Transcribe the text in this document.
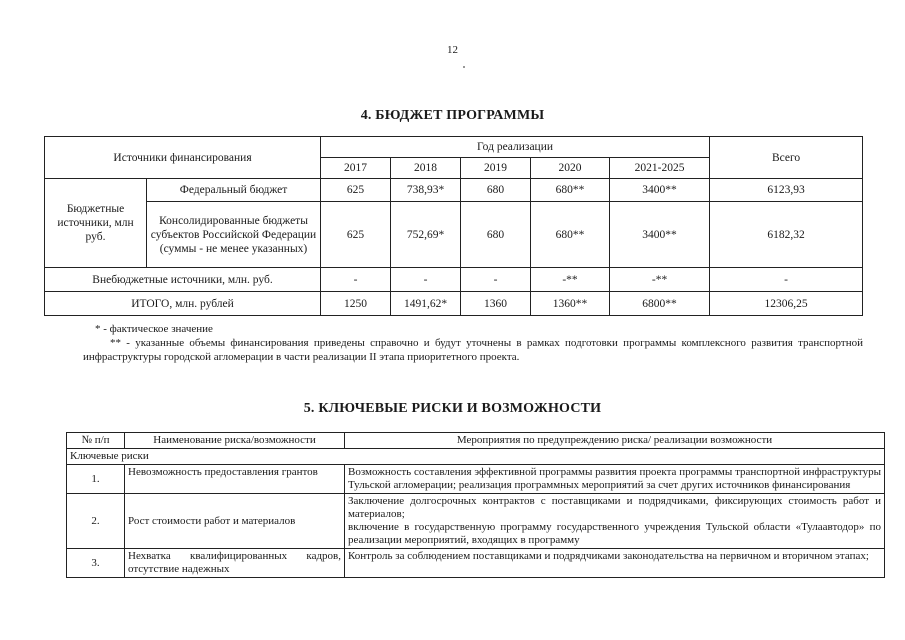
12
4. БЮДЖЕТ ПРОГРАММЫ
Источники финансирования		Год реализации					Всего
		2017	2018	2019	2020	2021-2025	
Бюджетные источники, млн руб.	Федеральный бюджет	625	738,93*	680	680**	3400**	6123,93
	Консолидированные бюджеты субъектов Российской Федерации (суммы - не менее указанных)	625	752,69*	680	680**	3400**	6182,32
Внебюджетные источники, млн. руб.		-	-	-	-**	-**	-
ИТОГО, млн. рублей		1250	1491,62*	1360	1360**	6800**	12306,25
* - фактическое значение
** - указанные объемы финансирования приведены справочно и будут уточнены в рамках подготовки программы комплексного развития транспортной инфраструктуры городской агломерации в части реализации II этапа приоритетного проекта.
5. КЛЮЧЕВЫЕ РИСКИ И ВОЗМОЖНОСТИ
№ п/п	Наименование риска/возможности	Мероприятия по предупреждению риска/ реализации возможности
Ключевые риски		
1.	Невозможность предоставления грантов	Возможность составления эффективной программы развития проекта программы транспортной инфраструктуры Тульской агломерации; реализация программных мероприятий за счет других источников финансирования
2.	Рост стоимости работ и материалов	Заключение долгосрочных контрактов с поставщиками и подрядчиками, фиксирующих стоимость работ и материалов;
включение в государственную программу государственного учреждения Тульской области «Тулаавтодор» по реализации мероприятий, входящих в программу

3.	Нехватка квалифицированных кадров, отсутствие надежных	Контроль за соблюдением поставщиками и подрядчиками законодательства на первичном и вторичном этапах;
